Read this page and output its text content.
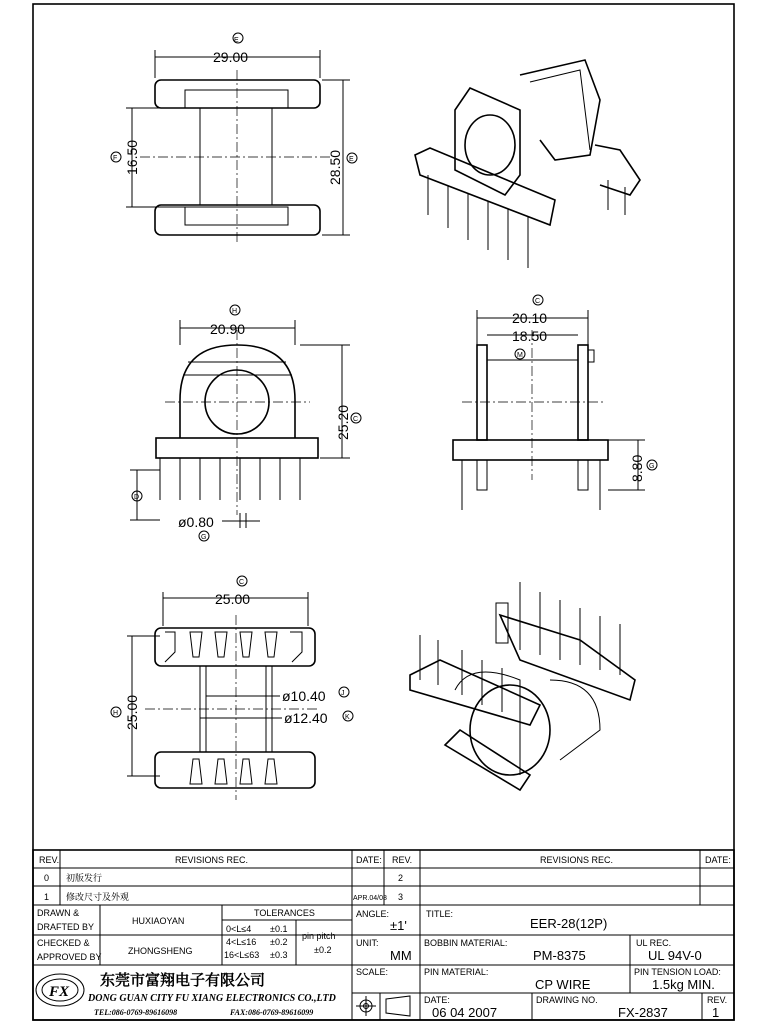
29.00
E
16.50
F	28.50 E
20.90
H
25.20 C
D
ø0.80
G
20.10
C
18.50
M
8.80 G
25.00
C
25.00
H
ø10.40 J
ø12.40 K
REV.	REVISIONS REC.	DATE: REV.	REVISIONS REC.	DATE:
0 初版发行	2
1 修改尺寸及外观	APR.04/08 3
DRAWN &
DRAFTED BY
HUXIAOYAN
CHECKED &
APPROVED BY
ZHONGSHENG
TOLERANCES
0<L≤4 ±0.1
4<L≤16 ±0.2
16<L≤63 ±0.3
pin pitch
±0.2
ANGLE:
±1'
UNIT:
MM
SCALE:
TITLE:
EER-28(12P)
BOBBIN MATERIAL:
PM-8375
UL REC.
UL 94V-0
PIN MATERIAL:
CP WIRE
PIN TENSION LOAD:
1.5kg MIN.
DATE:
06 04 2007
DRAWING NO.
FX-2837
REV.
1
FX
东莞市富翔电子有限公司
DONG GUAN CITY FU XIANG ELECTRONICS CO.,LTD
TEL:086-0769-89616098	FAX:086-0769-89616099
